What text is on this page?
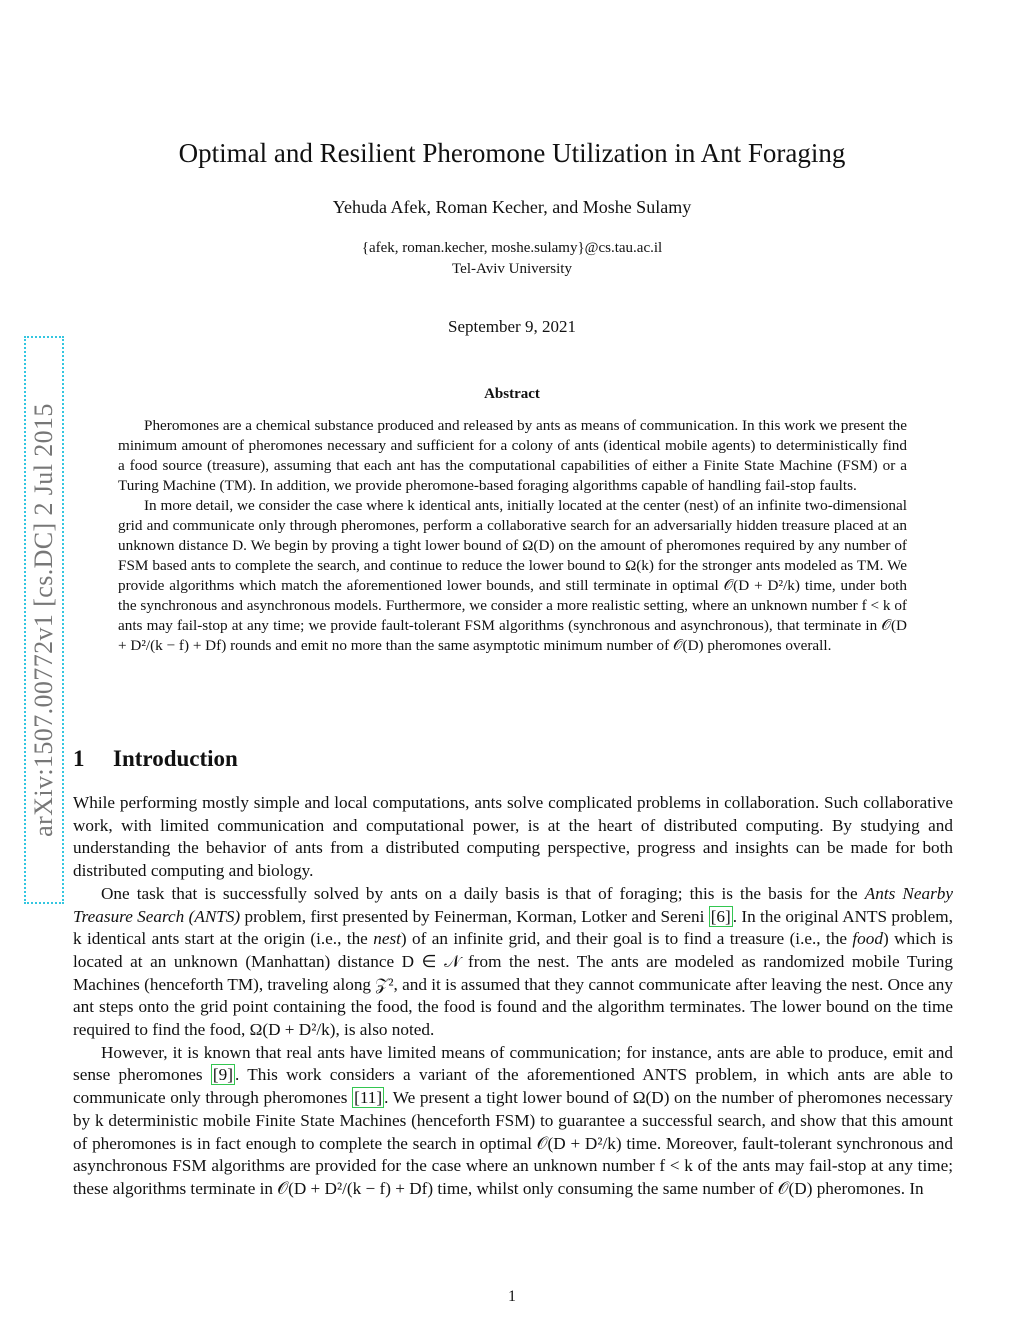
arXiv:1507.00772v1 [cs.DC] 2 Jul 2015
Optimal and Resilient Pheromone Utilization in Ant Foraging
Yehuda Afek, Roman Kecher, and Moshe Sulamy
{afek, roman.kecher, moshe.sulamy}@cs.tau.ac.il
Tel-Aviv University
September 9, 2021
Abstract

Pheromones are a chemical substance produced and released by ants as means of communication. In this work we present the minimum amount of pheromones necessary and sufficient for a colony of ants (identical mobile agents) to deterministically find a food source (treasure), assuming that each ant has the computational capabilities of either a Finite State Machine (FSM) or a Turing Machine (TM). In addition, we provide pheromone-based foraging algorithms capable of handling fail-stop faults.

In more detail, we consider the case where k identical ants, initially located at the center (nest) of an infinite two-dimensional grid and communicate only through pheromones, perform a collaborative search for an adversarially hidden treasure placed at an unknown distance D. We begin by proving a tight lower bound of Ω(D) on the amount of pheromones required by any number of FSM based ants to complete the search, and continue to reduce the lower bound to Ω(k) for the stronger ants modeled as TM. We provide algorithms which match the aforementioned lower bounds, and still terminate in optimal 𝒪(D + D²/k) time, under both the synchronous and asynchronous models. Furthermore, we consider a more realistic setting, where an unknown number f < k of ants may fail-stop at any time; we provide fault-tolerant FSM algorithms (synchronous and asynchronous), that terminate in 𝒪(D + D²/(k − f) + Df) rounds and emit no more than the same asymptotic minimum number of 𝒪(D) pheromones overall.

1 Introduction

While performing mostly simple and local computations, ants solve complicated problems in collaboration. Such collaborative work, with limited communication and computational power, is at the heart of distributed computing. By studying and understanding the behavior of ants from a distributed computing perspective, progress and insights can be made for both distributed computing and biology.

One task that is successfully solved by ants on a daily basis is that of foraging; this is the basis for the Ants Nearby Treasure Search (ANTS) problem, first presented by Feinerman, Korman, Lotker and Sereni [6] . In the original ANTS problem, k identical ants start at the origin (i.e., the nest) of an infinite grid, and their goal is to find a treasure (i.e., the food) which is located at an unknown (Manhattan) distance D ∈ 𝒩 from the nest. The ants are modeled as randomized mobile Turing Machines (henceforth TM), traveling along 𝒵², and it is assumed that they cannot communicate after leaving the nest. Once any ant steps onto the grid point containing the food, the food is found and the algorithm terminates. The lower bound on the time required to find the food, Ω(D + D²/k), is also noted.

However, it is known that real ants have limited means of communication; for instance, ants are able to produce, emit and sense pheromones [9] . This work considers a variant of the aforementioned ANTS problem, in which ants are able to communicate only through pheromones [11] . We present a tight lower bound of Ω(D) on the number of pheromones necessary by k deterministic mobile Finite State Machines (henceforth FSM) to guarantee a successful search, and show that this amount of pheromones is in fact enough to complete the search in optimal 𝒪(D + D²/k) time. Moreover, fault-tolerant synchronous and asynchronous FSM algorithms are provided for the case where an unknown number f < k of the ants may fail-stop at any time; these algorithms terminate in 𝒪(D + D²/(k − f) + Df) time, whilst only consuming the same number of 𝒪(D) pheromones. In

1
